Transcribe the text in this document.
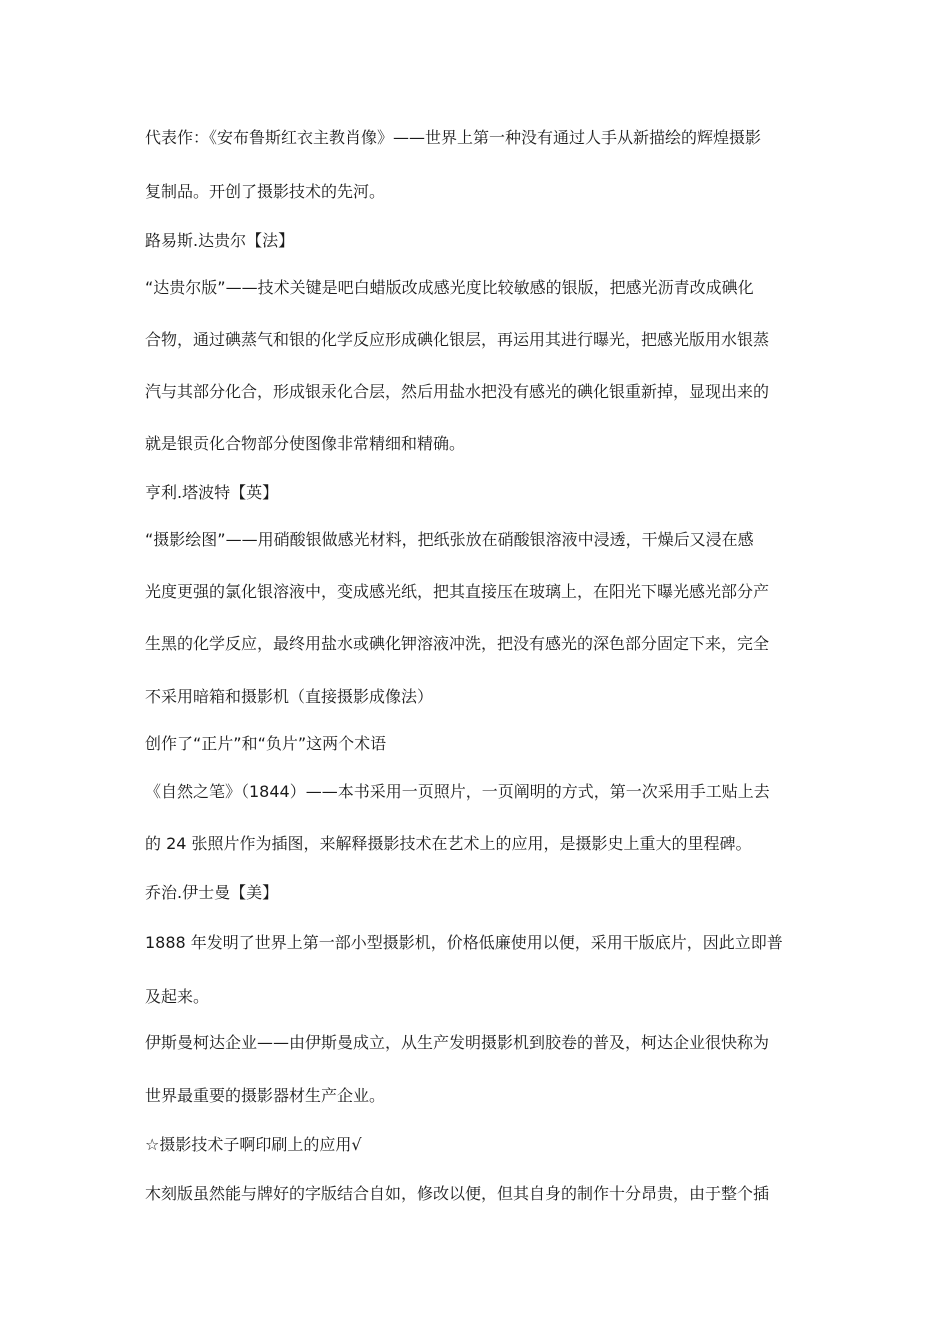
代表作：《安布鲁斯红衣主教肖像》——世界上第一种没有通过人手从新描绘的辉煌摄影

复制品。开创了摄影技术的先河。

路易斯.达贵尔【法】

“达贵尔版”——技术关键是吧白蜡版改成感光度比较敏感的银版，把感光沥青改成碘化

合物，通过碘蒸气和银的化学反应形成碘化银层，再运用其进行曝光，把感光版用水银蒸

汽与其部分化合，形成银汞化合层，然后用盐水把没有感光的碘化银重新掉，显现出来的

就是银贡化合物部分使图像非常精细和精确。

亨利.塔波特【英】

“摄影绘图”——用硝酸银做感光材料，把纸张放在硝酸银溶液中浸透，干燥后又浸在感

光度更强的氯化银溶液中，变成感光纸，把其直接压在玻璃上，在阳光下曝光感光部分产

生黑的化学反应，最终用盐水或碘化钾溶液冲洗，把没有感光的深色部分固定下来，完全

不采用暗箱和摄影机（直接摄影成像法）

创作了“正片”和“负片”这两个术语

《自然之笔》（1844）——本书采用一页照片，一页阐明的方式，第一次采用手工贴上去

的 24 张照片作为插图，来解释摄影技术在艺术上的应用，是摄影史上重大的里程碑。

乔治.伊士曼【美】

1888 年发明了世界上第一部小型摄影机，价格低廉使用以便，采用干版底片，因此立即普

及起来。

伊斯曼柯达企业——由伊斯曼成立，从生产发明摄影机到胶卷的普及，柯达企业很快称为

世界最重要的摄影器材生产企业。

☆摄影技术子啊印刷上的应用√

木刻版虽然能与牌好的字版结合自如，修改以便，但其自身的制作十分昂贵，由于整个插
